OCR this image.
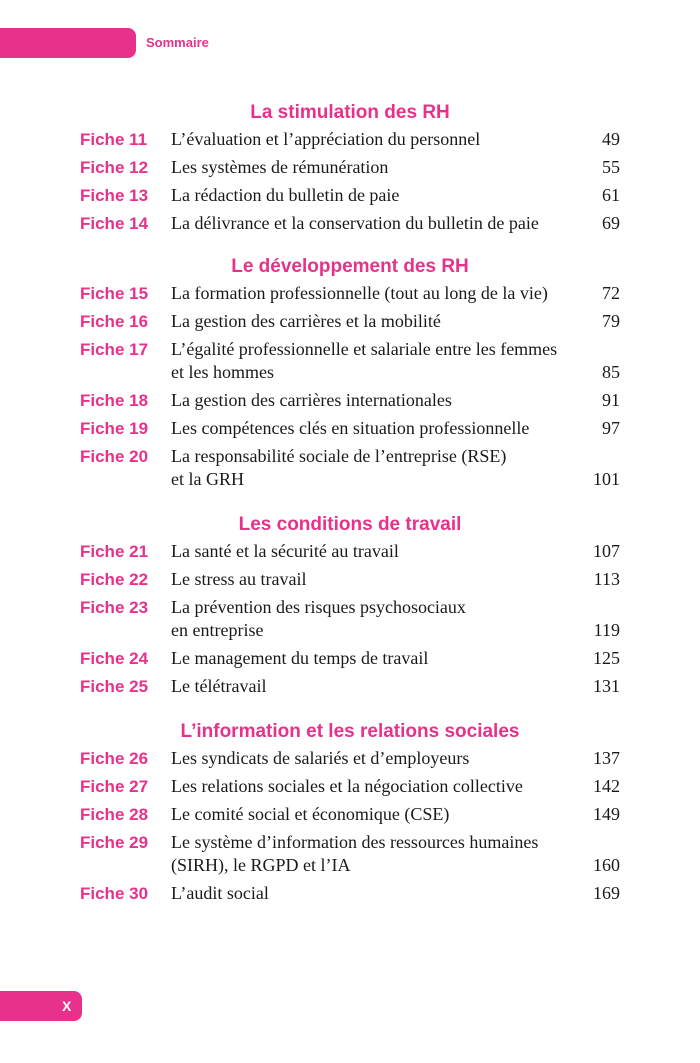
Sommaire
La stimulation des RH
Fiche 11	L’évaluation et l’appréciation du personnel	49
Fiche 12	Les systèmes de rémunération	55
Fiche 13	La rédaction du bulletin de paie	61
Fiche 14	La délivrance et la conservation du bulletin de paie	69
Le développement des RH
Fiche 15	La formation professionnelle (tout au long de la vie)	72
Fiche 16	La gestion des carrières et la mobilité	79
Fiche 17	L’égalité professionnelle et salariale entre les femmes
et les hommes	85
Fiche 18	La gestion des carrières internationales	91
Fiche 19	Les compétences clés en situation professionnelle	97
Fiche 20	La responsabilité sociale de l’entreprise (RSE)
et la GRH	101
Les conditions de travail
Fiche 21	La santé et la sécurité au travail	107
Fiche 22	Le stress au travail	113
Fiche 23	La prévention des risques psychosociaux
en entreprise	119
Fiche 24	Le management du temps de travail	125
Fiche 25	Le télétravail	131
L’information et les relations sociales
Fiche 26	Les syndicats de salariés et d’employeurs	137
Fiche 27	Les relations sociales et la négociation collective	142
Fiche 28	Le comité social et économique (CSE)	149
Fiche 29	Le système d’information des ressources humaines
(SIRH), le RGPD et l’IA	160
Fiche 30	L’audit social	169
X
